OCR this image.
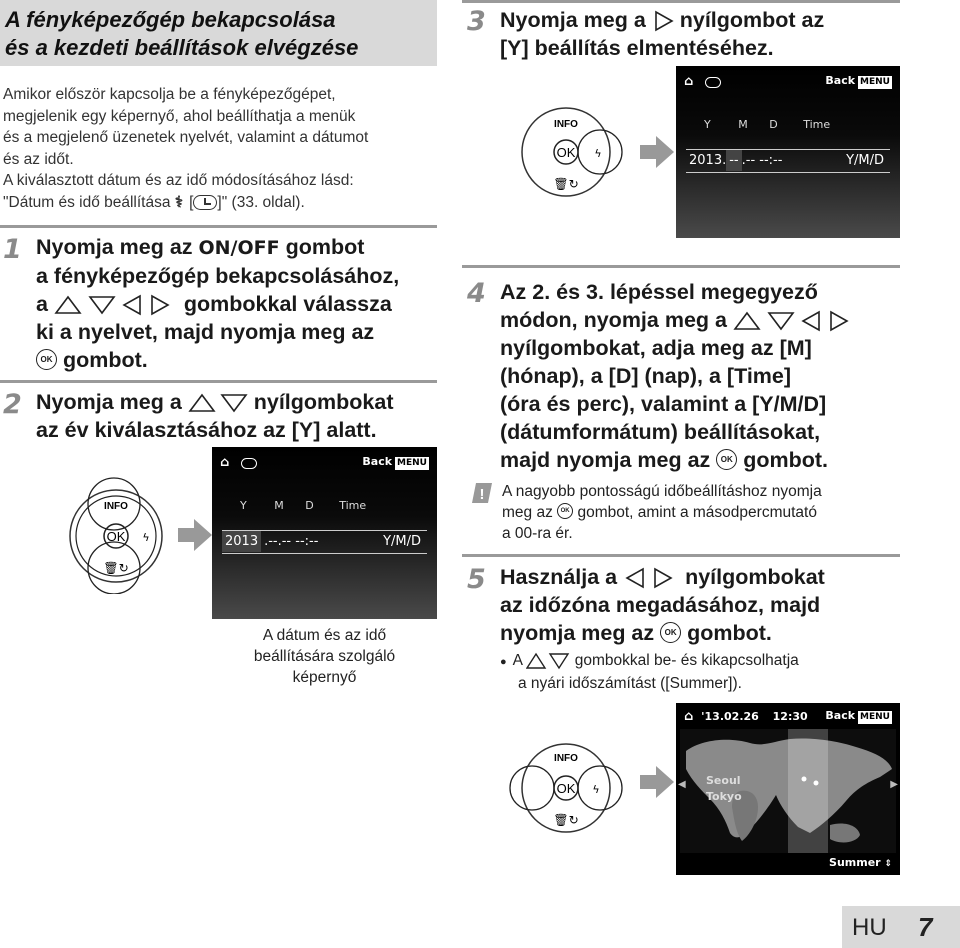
A fényképezőgép bekapcsolása
és a kezdeti beállítások elvégzése

Amikor először kapcsolja be a fényképezőgépet,

megjelenik egy képernyő, ahol beállíthatja a menük

és a megjelenő üzenetek nyelvét, valamint a dátumot

és az időt.

A kiválasztott dátum és az idő módosításához lásd:

"Dátum és idő beállítása ⚕ [ ]" (33. oldal).

1 Nyomja meg az ON/OFF gombot
a fényképezőgép bekapcsolásához,
a	gombokkal válassza
ki a nyelvet, majd nyomja meg az
OK gombot.
2 Nyomja meg a	nyílgombokat
az év kiválasztásához az [Y] alatt.
INFO
OK
🗑↻
ϟ
⌂	Back MENU
Y	M D Time
2013 .--.-- --:--	Y/M/D
A dátum és az idő
beállítására szolgáló
képernyő
3 Nyomja meg a  nyílgombot az
[Y] beállítás elmentéséhez.
INFO
OK
🗑↻
ϟ
⌂	Back MENU
Y	M D Time
2013. -- .-- --:--	Y/M/D
4 Az 2. és 3. lépéssel megegyező
módon, nyomja meg a
nyílgombokat, adja meg az [M]
(hónap), a [D] (nap), a [Time]
(óra és perc), valamint a [Y/M/D]
(dátumformátum) beállításokat,
majd nyomja meg az OK gombot.
! A nagyobb pontosságú időbeállításhoz nyomja
meg az OK gombot, amint a másodpercmutató
a 00-ra ér.
5 Használja a	nyílgombokat
az időzóna megadásához, majd
nyomja meg az OK gombot.
● A	gombokkal be- és kikapcsolhatja
a nyári időszámítást ([Summer]).
INFO
OK
🗑↻
ϟ
⌂ '13.02.26 12:30 Back MENU
Seoul
Tokyo
◀	▶
Summer ⇕
HU 7
